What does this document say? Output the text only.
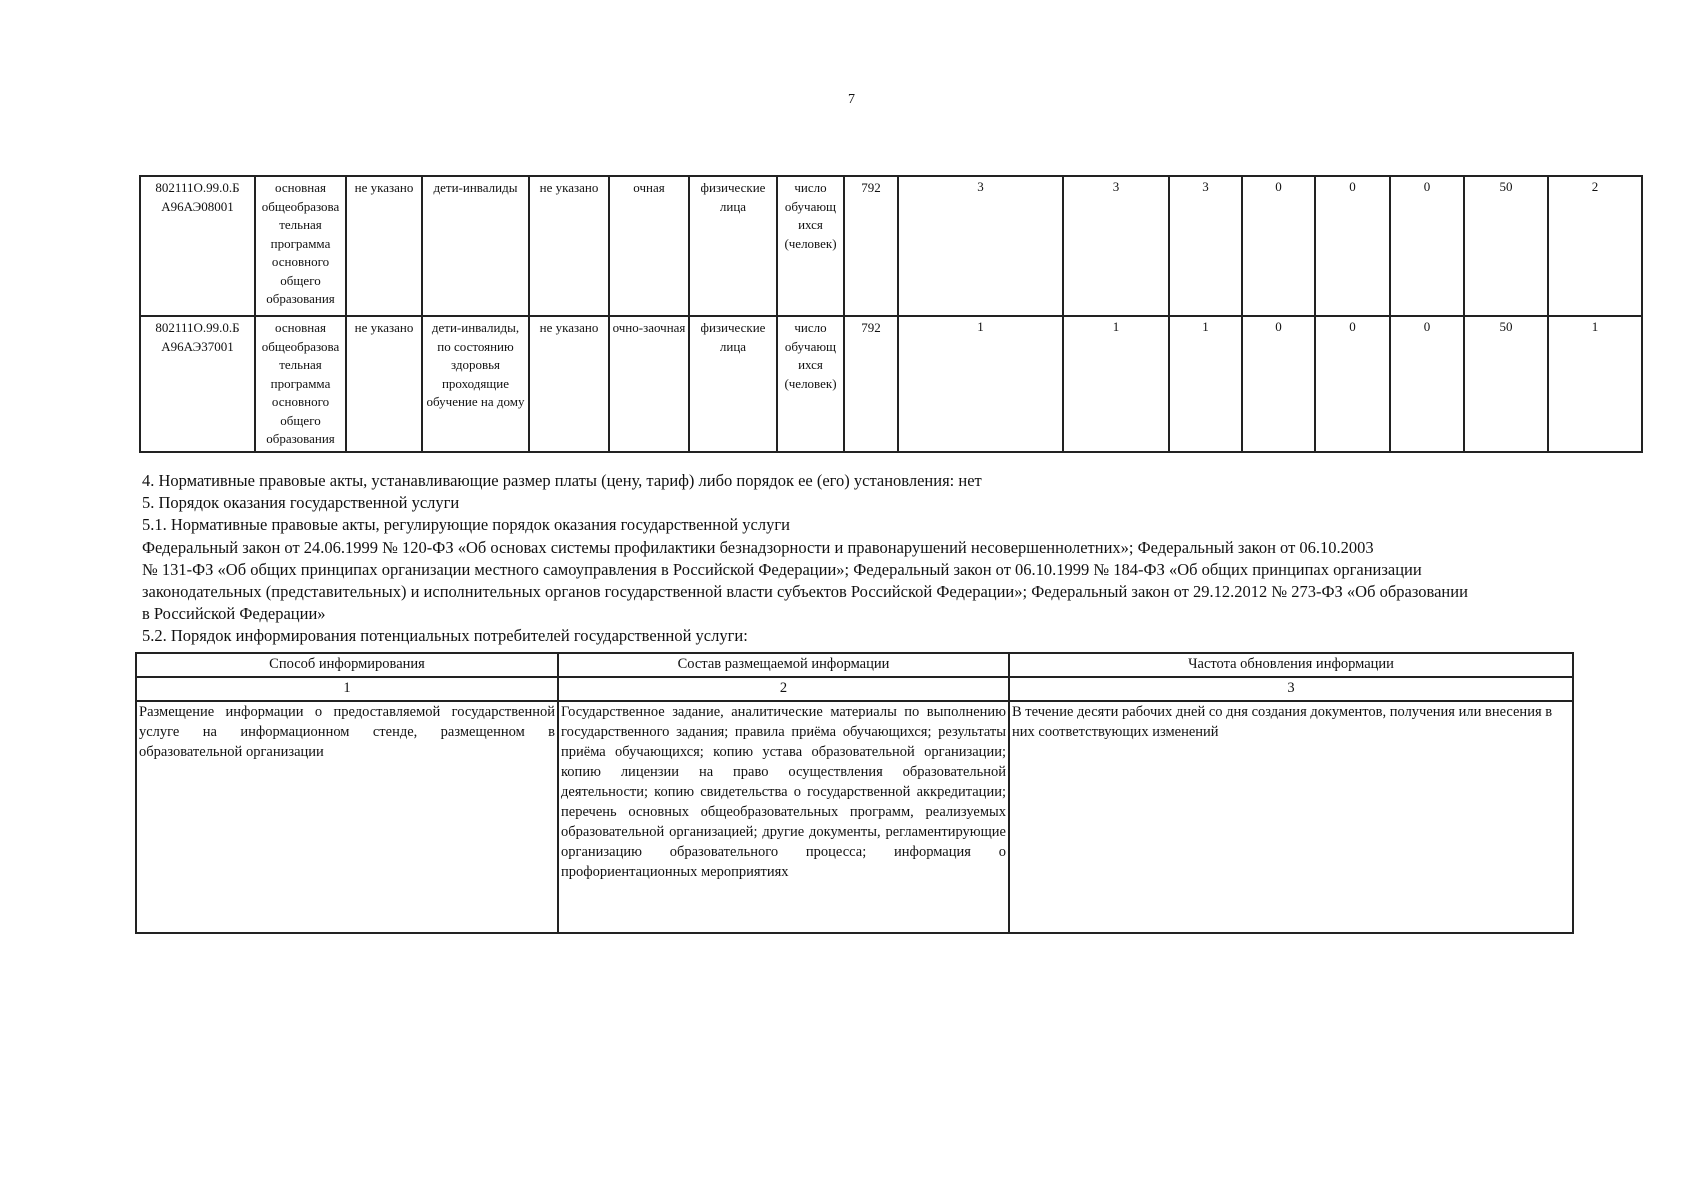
7
802111О.99.0.Б А96АЭ08001	основная общеобразова тельная программа основного общего образования	не указано	дети-инвалиды	не указано	очная	физические лица	число обучающ ихся (человек)	792	3	3	3	0	0	0	50	2
802111О.99.0.Б А96АЭ37001	основная общеобразова тельная программа основного общего образования	не указано	дети-инвалиды, по состоянию здоровья проходящие обучение на дому	не указано	очно-заочная	физические лица	число обучающ ихся (человек)	792	1	1	1	0	0	0	50	1

4. Нормативные правовые акты, устанавливающие размер платы (цену, тариф) либо порядок ее (его) установления: нет

5. Порядок оказания государственной услуги

5.1. Нормативные правовые акты, регулирующие порядок оказания государственной услуги

Федеральный закон от 24.06.1999 № 120-ФЗ «Об основах системы профилактики безнадзорности и правонарушений несовершеннолетних»; Федеральный закон от 06.10.2003

№ 131-ФЗ «Об общих принципах организации местного самоуправления в Российской Федерации»; Федеральный закон от 06.10.1999 № 184-ФЗ «Об общих принципах организации

законодательных (представительных) и исполнительных органов государственной власти субъектов Российской Федерации»; Федеральный закон от 29.12.2012 № 273-ФЗ «Об образовании

в Российской Федерации»

5.2. Порядок информирования потенциальных потребителей государственной услуги:

Способ информирования	Состав размещаемой информации	Частота обновления информации
1	2	3
Размещение информации о предоставляемой государственной услуге на информационном стенде, размещенном в образовательной организации	Государственное задание, аналитические материалы по выполнению государственного задания; правила приёма обучающихся; результаты приёма обучающихся; копию устава образовательной организации; копию лицензии на право осуществления образовательной деятельности; копию свидетельства о государственной аккредитации; перечень основных общеобразовательных программ, реализуемых образовательной организацией; другие документы, регламентирующие организацию образовательного процесса; информация о профориентационных мероприятиях	В течение десяти рабочих дней со дня создания документов, получения или внесения в них соответствующих изменений
